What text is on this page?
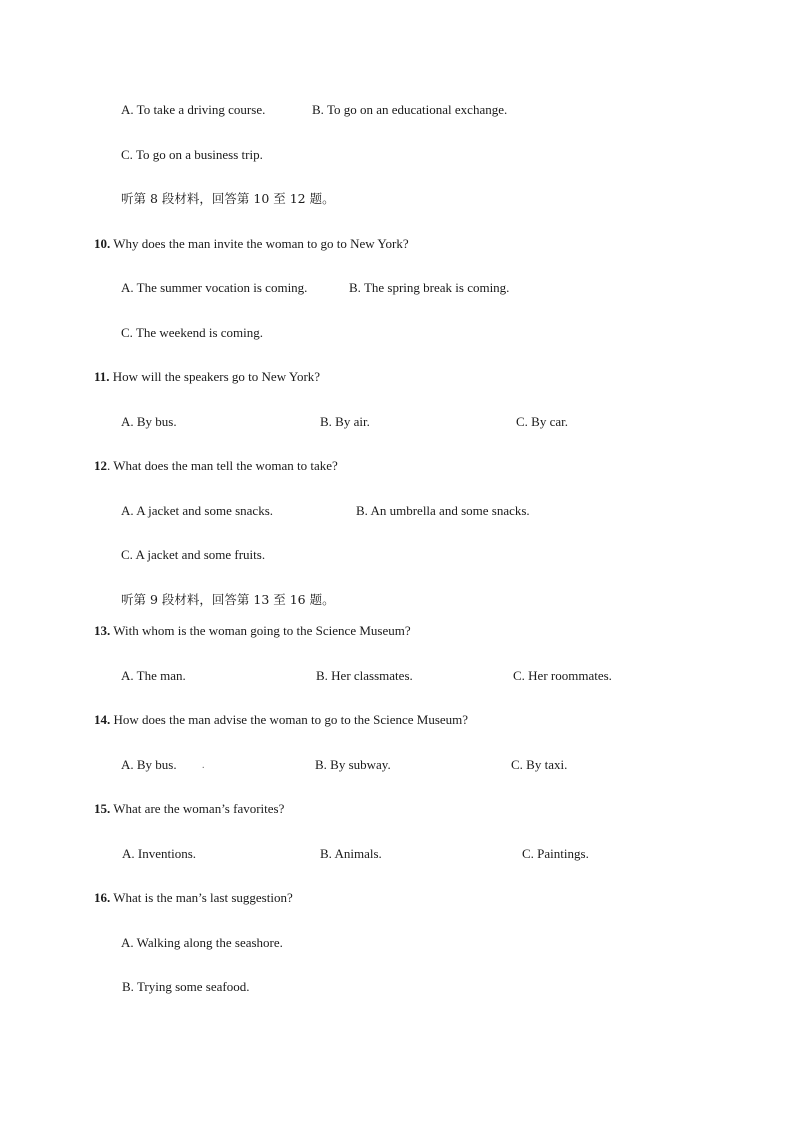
A. To take a driving course.	B. To go on an educational exchange.
C. To go on a business trip.
听第 8 段材料，回答第 10 至 12 题。
10. Why does the man invite the woman to go to New York?
A. The summer vocation is coming.	B. The spring break is coming.
C. The weekend is coming.
11. How will the speakers go to New York?
A. By bus.	B. By air.	C. By car.
12. What does the man tell the woman to take?
A. A jacket and some snacks.	B. An umbrella and some snacks.
C. A jacket and some fruits.
听第 9 段材料，回答第 13 至 16 题。
13. With whom is the woman going to the Science Museum?
A. The man.	B. Her classmates.	C. Her roommates.
14. How does the man advise the woman to go to the Science Museum?
A. By bus.	.	B. By subway.	C. By taxi.
15. What are the woman’s favorites?
A. Inventions.	B. Animals.	C. Paintings.
16. What is the man’s last suggestion?
A. Walking along the seashore.
B. Trying some seafood.
